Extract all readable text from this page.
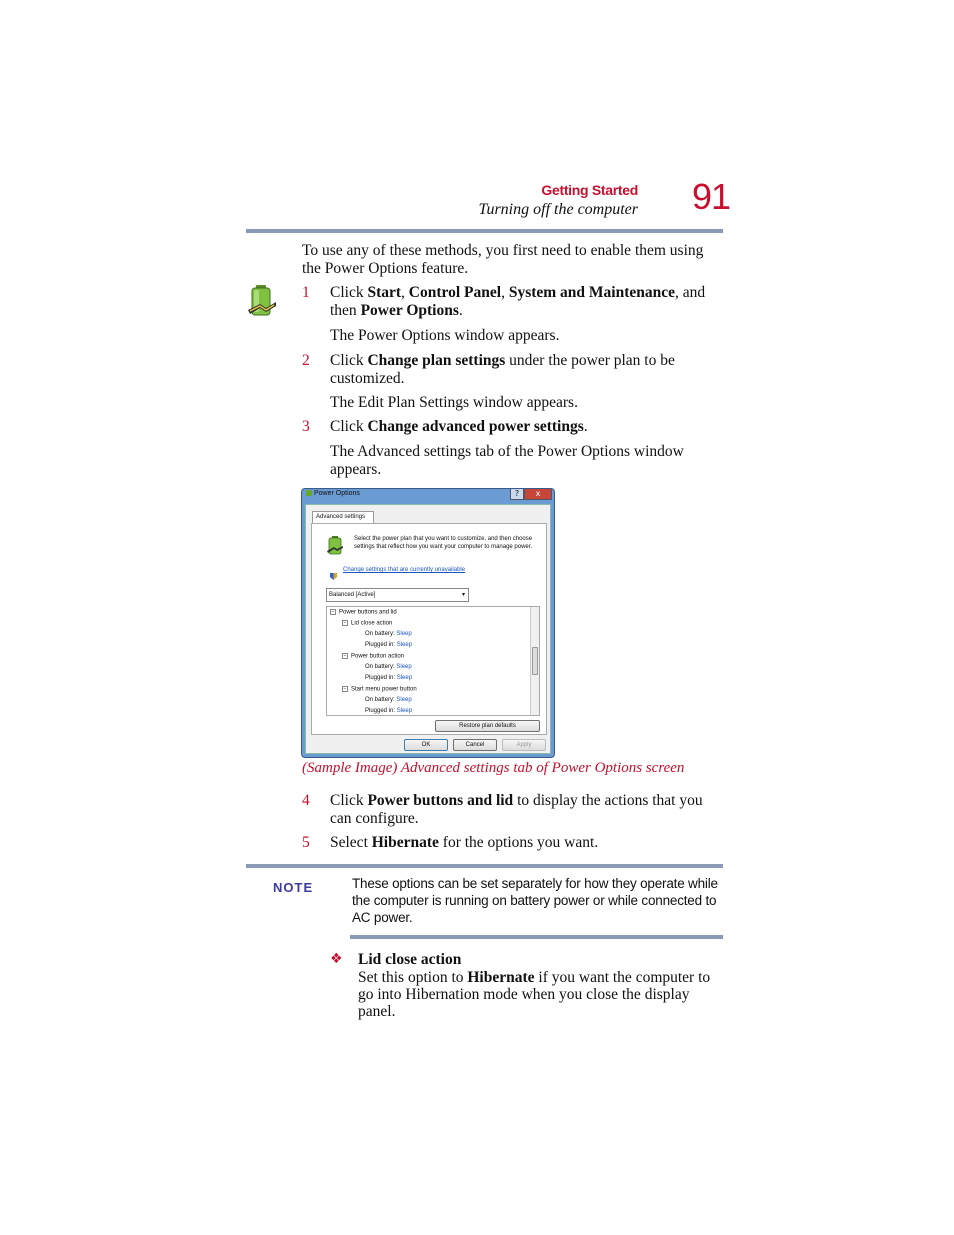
Getting Started
Turning off the computer 91
To use any of these methods, you first need to enable them using the Power Options feature.
1 Click Start, Control Panel, System and Maintenance, and then Power Options.
The Power Options window appears.
2 Click Change plan settings under the power plan to be customized.
The Edit Plan Settings window appears.
3 Click Change advanced power settings.
The Advanced settings tab of the Power Options window appears.
Power Options	?	x
Advanced settings
Select the power plan that you want to customize, and then choose settings that reflect how you want your computer to manage power.
Change settings that are currently unavailable
Balanced [Active]	▾
− Power buttons and lid
− Lid close action
On battery: Sleep
Plugged in: Sleep
− Power button action
On battery: Sleep
Plugged in: Sleep
− Start menu power button
On battery: Sleep
Plugged in: Sleep
Restore plan defaults
OK	Cancel	Apply
(Sample Image) Advanced settings tab of Power Options screen
4 Click Power buttons and lid to display the actions that you can configure.
5 Select Hibernate for the options you want.
NOTE	These options can be set separately for how they operate while the computer is running on battery power or while connected to AC power.
❖ Lid close action
Set this option to Hibernate if you want the computer to go into Hibernation mode when you close the display panel.
